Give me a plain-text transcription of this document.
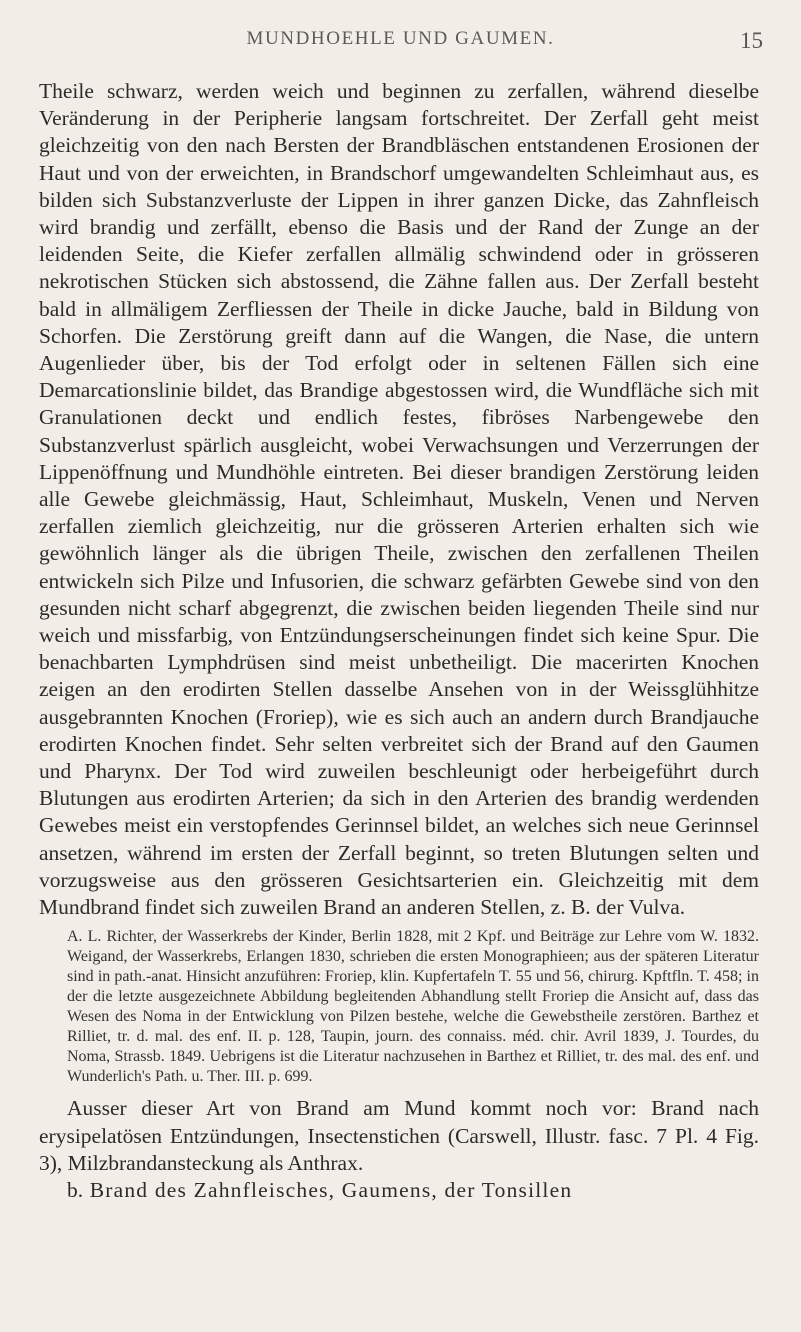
MUNDHOEHLE UND GAUMEN.	15

Theile schwarz, werden weich und beginnen zu zerfallen, während dieselbe Veränderung in der Peripherie langsam fortschreitet. Der Zerfall geht meist gleichzeitig von den nach Bersten der Brandbläschen entstandenen Erosionen der Haut und von der erweichten, in Brandschorf umgewandelten Schleimhaut aus, es bilden sich Substanzverluste der Lippen in ihrer ganzen Dicke, das Zahnfleisch wird brandig und zerfällt, ebenso die Basis und der Rand der Zunge an der leidenden Seite, die Kiefer zerfallen allmälig schwindend oder in grösseren nekrotischen Stücken sich abstossend, die Zähne fallen aus. Der Zerfall besteht bald in allmäligem Zerfliessen der Theile in dicke Jauche, bald in Bildung von Schorfen. Die Zerstörung greift dann auf die Wangen, die Nase, die untern Augenlieder über, bis der Tod erfolgt oder in seltenen Fällen sich eine Demarcationslinie bildet, das Brandige abgestossen wird, die Wundfläche sich mit Granulationen deckt und endlich festes, fibröses Narbengewebe den Substanzverlust spärlich ausgleicht, wobei Verwachsungen und Verzerrungen der Lippenöffnung und Mundhöhle eintreten. Bei dieser brandigen Zerstörung leiden alle Gewebe gleichmässig, Haut, Schleimhaut, Muskeln, Venen und Nerven zerfallen ziemlich gleichzeitig, nur die grösseren Arterien erhalten sich wie gewöhnlich länger als die übrigen Theile, zwischen den zerfallenen Theilen entwickeln sich Pilze und Infusorien, die schwarz gefärbten Gewebe sind von den gesunden nicht scharf abgegrenzt, die zwischen beiden liegenden Theile sind nur weich und missfarbig, von Entzündungserscheinungen findet sich keine Spur. Die benachbarten Lymphdrüsen sind meist unbetheiligt. Die macerirten Knochen zeigen an den erodirten Stellen dasselbe Ansehen von in der Weissglühhitze ausgebrannten Knochen (Froriep), wie es sich auch an andern durch Brandjauche erodirten Knochen findet. Sehr selten verbreitet sich der Brand auf den Gaumen und Pharynx. Der Tod wird zuweilen beschleunigt oder herbeigeführt durch Blutungen aus erodirten Arterien; da sich in den Arterien des brandig werdenden Gewebes meist ein verstopfendes Gerinnsel bildet, an welches sich neue Gerinnsel ansetzen, während im ersten der Zerfall beginnt, so treten Blutungen selten und vorzugsweise aus den grösseren Gesichtsarterien ein. Gleichzeitig mit dem Mundbrand findet sich zuweilen Brand an anderen Stellen, z. B. der Vulva.

A. L. Richter, der Wasserkrebs der Kinder, Berlin 1828, mit 2 Kpf. und Beiträge zur Lehre vom W. 1832. Weigand, der Wasserkrebs, Erlangen 1830, schrieben die ersten Monographieen; aus der späteren Literatur sind in path.-anat. Hinsicht anzuführen: Froriep, klin. Kupfertafeln T. 55 und 56, chirurg. Kpftfln. T. 458; in der die letzte ausgezeichnete Abbildung begleitenden Abhandlung stellt Froriep die Ansicht auf, dass das Wesen des Noma in der Entwicklung von Pilzen bestehe, welche die Gewebstheile zerstören. Barthez et Rilliet, tr. d. mal. des enf. II. p. 128, Taupin, journ. des connaiss. méd. chir. Avril 1839, J. Tourdes, du Noma, Strassb. 1849. Uebrigens ist die Literatur nachzusehen in Barthez et Rilliet, tr. des mal. des enf. und Wunderlich's Path. u. Ther. III. p. 699.

Ausser dieser Art von Brand am Mund kommt noch vor: Brand nach erysipelatösen Entzündungen, Insectenstichen (Carswell, Illustr. fasc. 7 Pl. 4 Fig. 3), Milzbrandansteckung als Anthrax.

b. Brand des Zahnfleisches, Gaumens, der Tonsillen
